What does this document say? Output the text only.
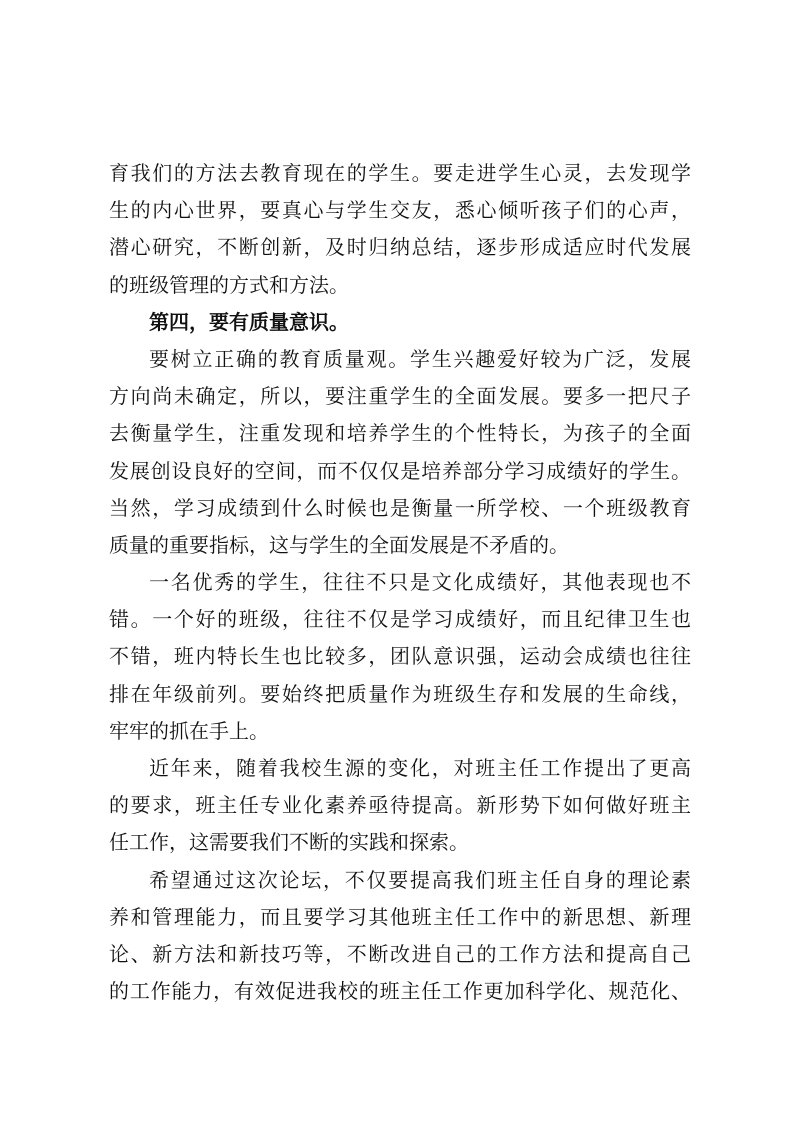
育我们的方法去教育现在的学生。要走进学生心灵，去发现学
生的内心世界，要真心与学生交友，悉心倾听孩子们的心声，
潜心研究，不断创新，及时归纳总结，逐步形成适应时代发展
的班级管理的方式和方法。
第四，要有质量意识。
要树立正确的教育质量观。学生兴趣爱好较为广泛，发展
方向尚未确定，所以，要注重学生的全面发展。要多一把尺子
去衡量学生，注重发现和培养学生的个性特长，为孩子的全面
发展创设良好的空间，而不仅仅是培养部分学习成绩好的学生。
当然，学习成绩到什么时候也是衡量一所学校、一个班级教育
质量的重要指标，这与学生的全面发展是不矛盾的。
一名优秀的学生，往往不只是文化成绩好，其他表现也不
错。一个好的班级，往往不仅是学习成绩好，而且纪律卫生也
不错，班内特长生也比较多，团队意识强，运动会成绩也往往
排在年级前列。要始终把质量作为班级生存和发展的生命线，
牢牢的抓在手上。
近年来，随着我校生源的变化，对班主任工作提出了更高
的要求，班主任专业化素养亟待提高。新形势下如何做好班主
任工作，这需要我们不断的实践和探索。
希望通过这次论坛，不仅要提高我们班主任自身的理论素
养和管理能力，而且要学习其他班主任工作中的新思想、新理
论、新方法和新技巧等，不断改进自己的工作方法和提高自己
的工作能力，有效促进我校的班主任工作更加科学化、规范化、
